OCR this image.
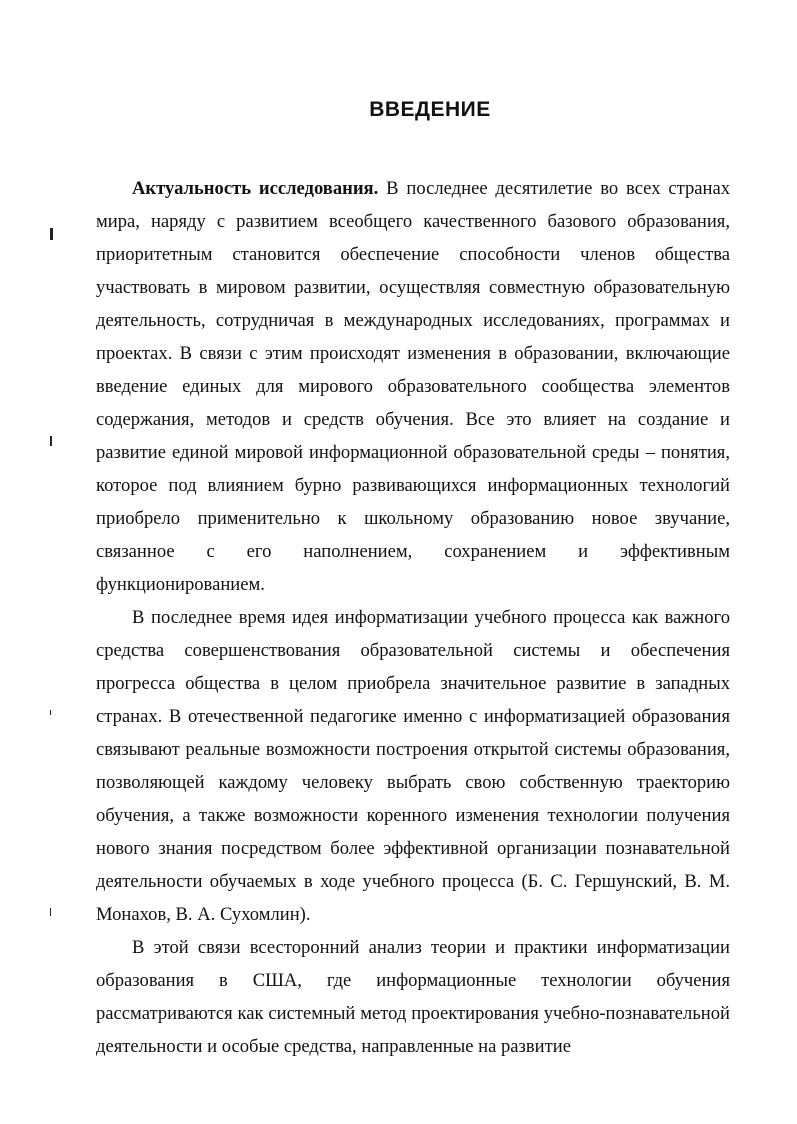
ВВЕДЕНИЕ

Актуальность исследования. В последнее десятилетие во всех странах мира, наряду с развитием всеобщего качественного базового образования, приоритетным становится обеспечение способности членов общества участвовать в мировом развитии, осуществляя совместную образовательную деятельность, сотрудничая в международных исследованиях, программах и проектах. В связи с этим происходят изменения в образовании, включающие введение единых для мирового образовательного сообщества элементов содержания, методов и средств обучения. Все это влияет на создание и развитие единой мировой информационной образовательной среды – понятия, которое под влиянием бурно развивающихся информационных технологий приобрело применительно к школьному образованию новое звучание, связанное с его наполнением, сохранением и эффективным функционированием.

В последнее время идея информатизации учебного процесса как важного средства совершенствования образовательной системы и обеспечения прогресса общества в целом приобрела значительное развитие в западных странах. В отечественной педагогике именно с информатизацией образования связывают реальные возможности построения открытой системы образования, позволяющей каждому человеку выбрать свою собственную траекторию обучения, а также возможности коренного изменения технологии получения нового знания посредством более эффективной организации познавательной деятельности обучаемых в ходе учебного процесса (Б. С. Гершунский, В. М. Монахов, В. А. Сухомлин).

В этой связи всесторонний анализ теории и практики информатизации образования в США, где информационные технологии обучения рассматриваются как системный метод проектирования учебно-познавательной деятельности и особые средства, направленные на развитие
